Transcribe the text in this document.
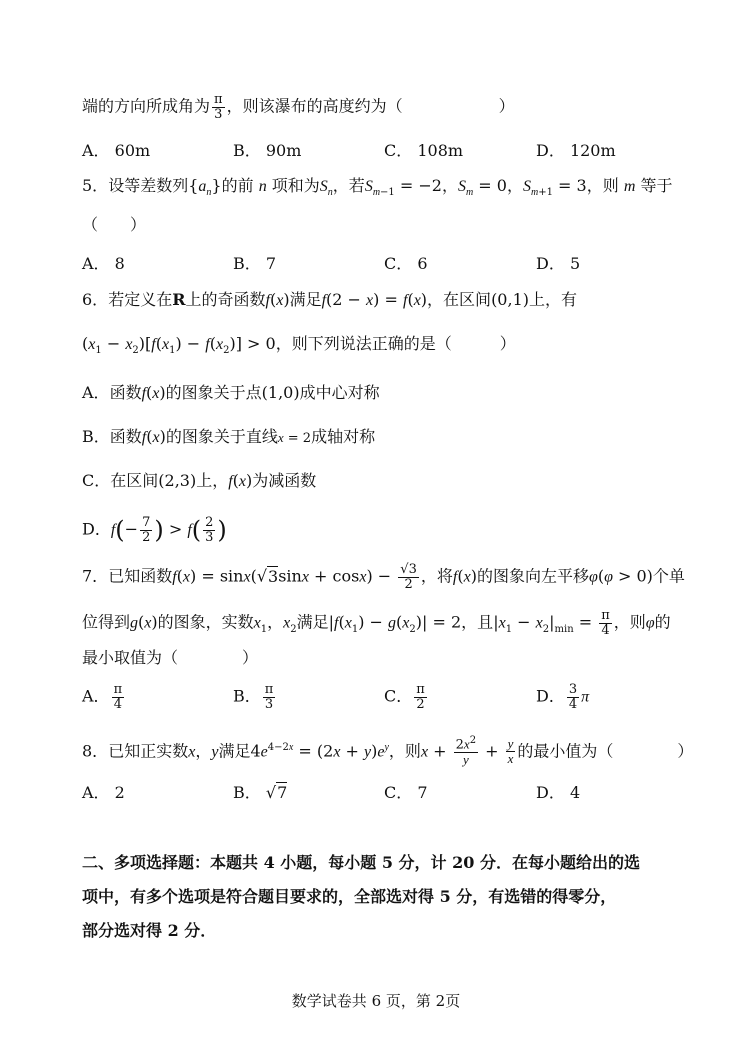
端的方向所成角为 $\frac{\pi}{3}$ ，则该瀑布的高度约为（　　　　　　）
A． 60m	B． 90m	C． 108m	D． 120m
5．设等差数列$\{a_n\}$的前 n 项和为$S_n$，若$S_{m-1} = -2$，$S_m = 0$，$S_{m+1} = 3$，则 m 等于
（　　）
A． 8	B． 7	C． 6	D． 5
6．若定义在R上的奇函数f(x)满足f(2 − x) = f(x)，在区间(0,1)上，有
$(x_1 - x_2)[f(x_1) - f(x_2)] > 0$，则下列说法正确的是（　　　）
A．函数f(x)的图象关于点(1,0)成中心对称
B．函数f(x)的图象关于直线x = 2成轴对称
C．在区间(2,3)上，f(x)为减函数
D．$f(- \frac{7}{2}$ ) > $f( \frac{2}{3}$ )
7．已知函数$f(x) = \sin x(√3\sin x + \cos x) - \frac{√3}{2}$ ，将f(x)的图象向左平移φ(φ > 0)个单
位得到g(x)的图象，实数$x_1$，$x_2$满足$|f(x_1) - g(x_2)| = 2$，且$|x_1 - x_2|_{min} = \frac{\pi}{4}$ ，则φ的
最小取值为（　　　　）
A． $\frac{\pi}{4}$	B． $\frac{\pi}{3}$	C． $\frac{\pi}{2}$	D． $\frac{3}{4}$ π
8．已知正实数x，y满足$4e^{4-2x} = (2x + y)e^y$，则$x + \frac{2x^2}{y} + \frac{y}{x}$ 的最小值为（　　　　）
A． 2	B． √7	C． 7	D． 4
二、多项选择题：本题共 4 小题，每小题 5 分，计 20 分．在每小题给出的选
项中，有多个选项是符合题目要求的，全部选对得 5 分，有选错的得零分，
部分选对得 2 分．
数学试卷共 6 页，第 2页
